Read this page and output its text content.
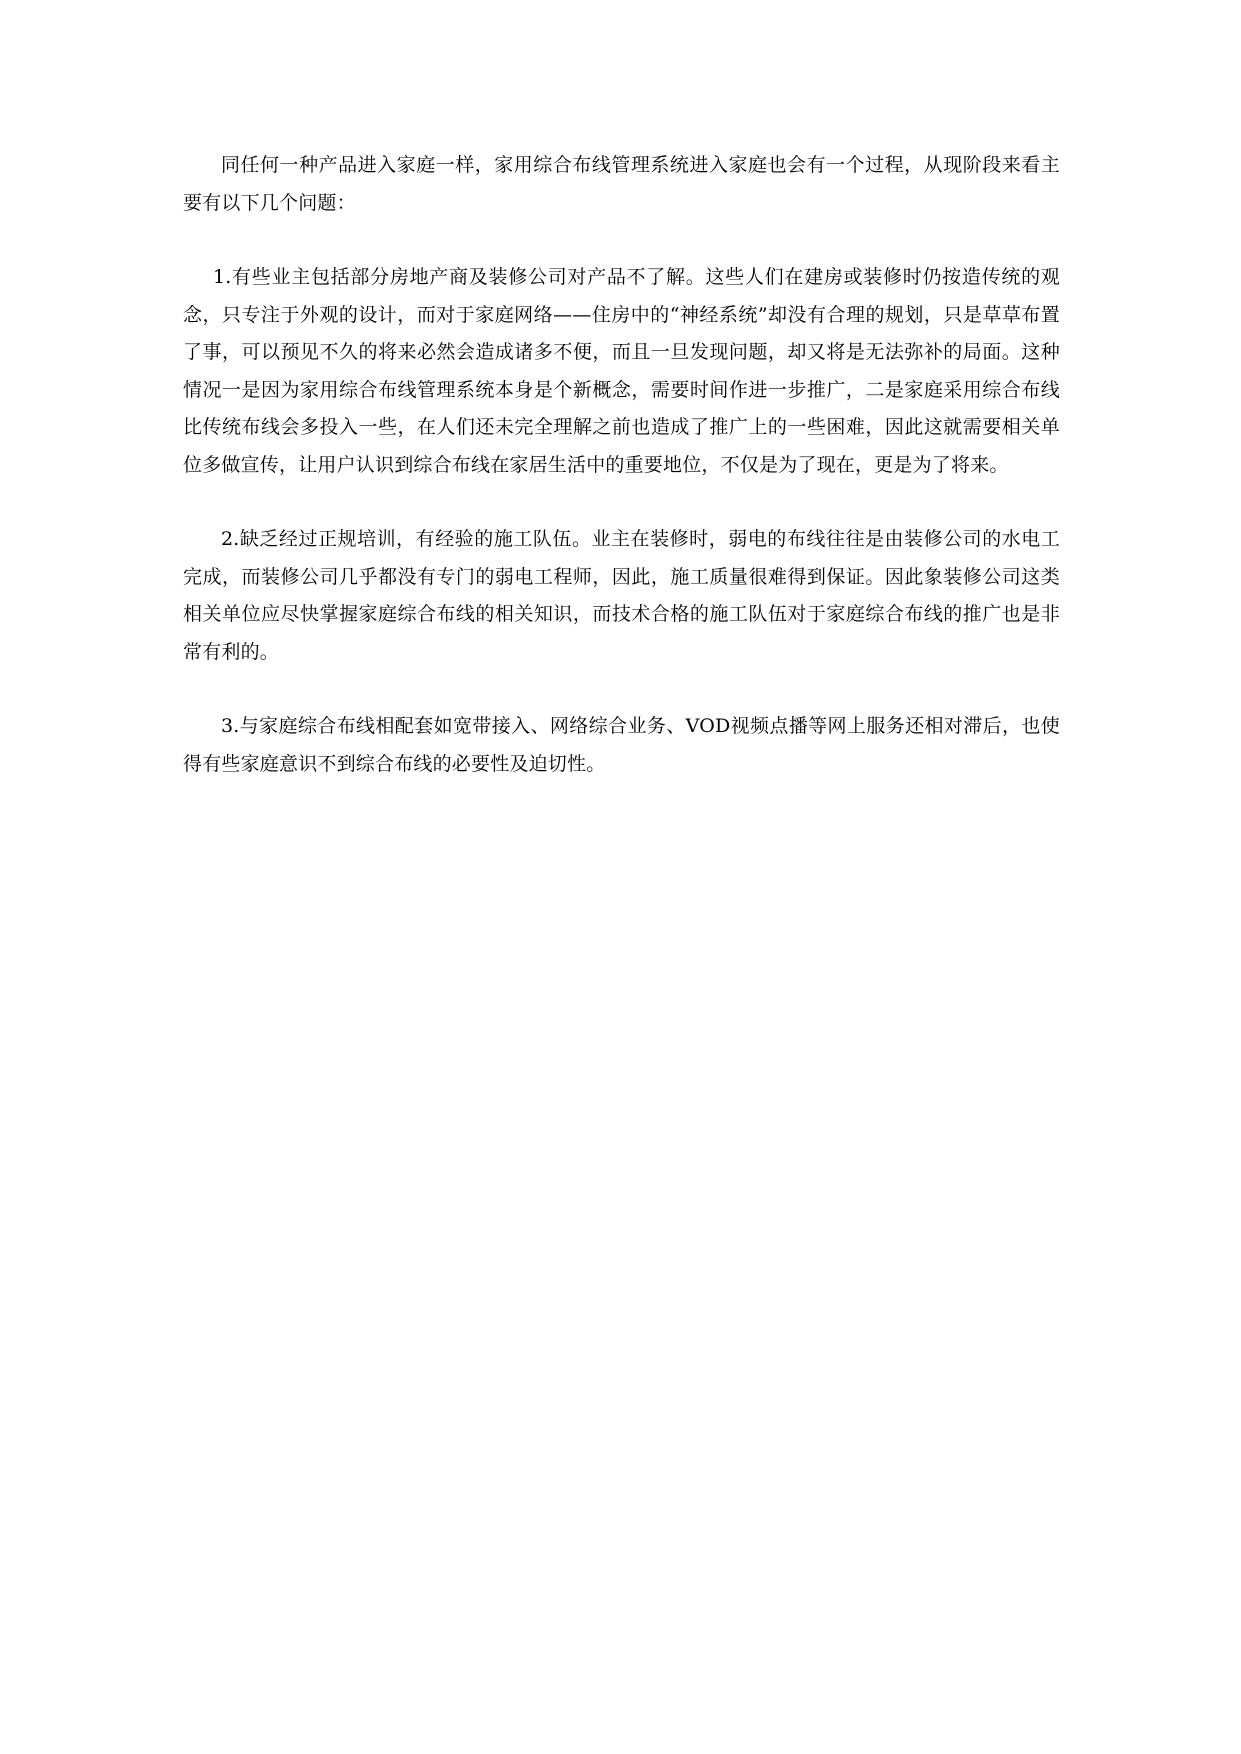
同任何一种产品进入家庭一样，家用综合布线管理系统进入家庭也会有一个过程，从现阶段来看主要有以下几个问题：

1.有些业主包括部分房地产商及装修公司对产品不了解。这些人们在建房或装修时仍按造传统的观念，只专注于外观的设计，而对于家庭网络——住房中的“神经系统”却没有合理的规划，只是草草布置了事，可以预见不久的将来必然会造成诸多不便，而且一旦发现问题，却又将是无法弥补的局面。这种情况一是因为家用综合布线管理系统本身是个新概念，需要时间作进一步推广，二是家庭采用综合布线比传统布线会多投入一些，在人们还未完全理解之前也造成了推广上的一些困难，因此这就需要相关单位多做宣传，让用户认识到综合布线在家居生活中的重要地位，不仅是为了现在，更是为了将来。

2.缺乏经过正规培训，有经验的施工队伍。业主在装修时，弱电的布线往往是由装修公司的水电工完成，而装修公司几乎都没有专门的弱电工程师，因此，施工质量很难得到保证。因此象装修公司这类相关单位应尽快掌握家庭综合布线的相关知识，而技术合格的施工队伍对于家庭综合布线的推广也是非常有利的。

3.与家庭综合布线相配套如宽带接入、网络综合业务、VOD视频点播等网上服务还相对滞后，也使得有些家庭意识不到综合布线的必要性及迫切性。
